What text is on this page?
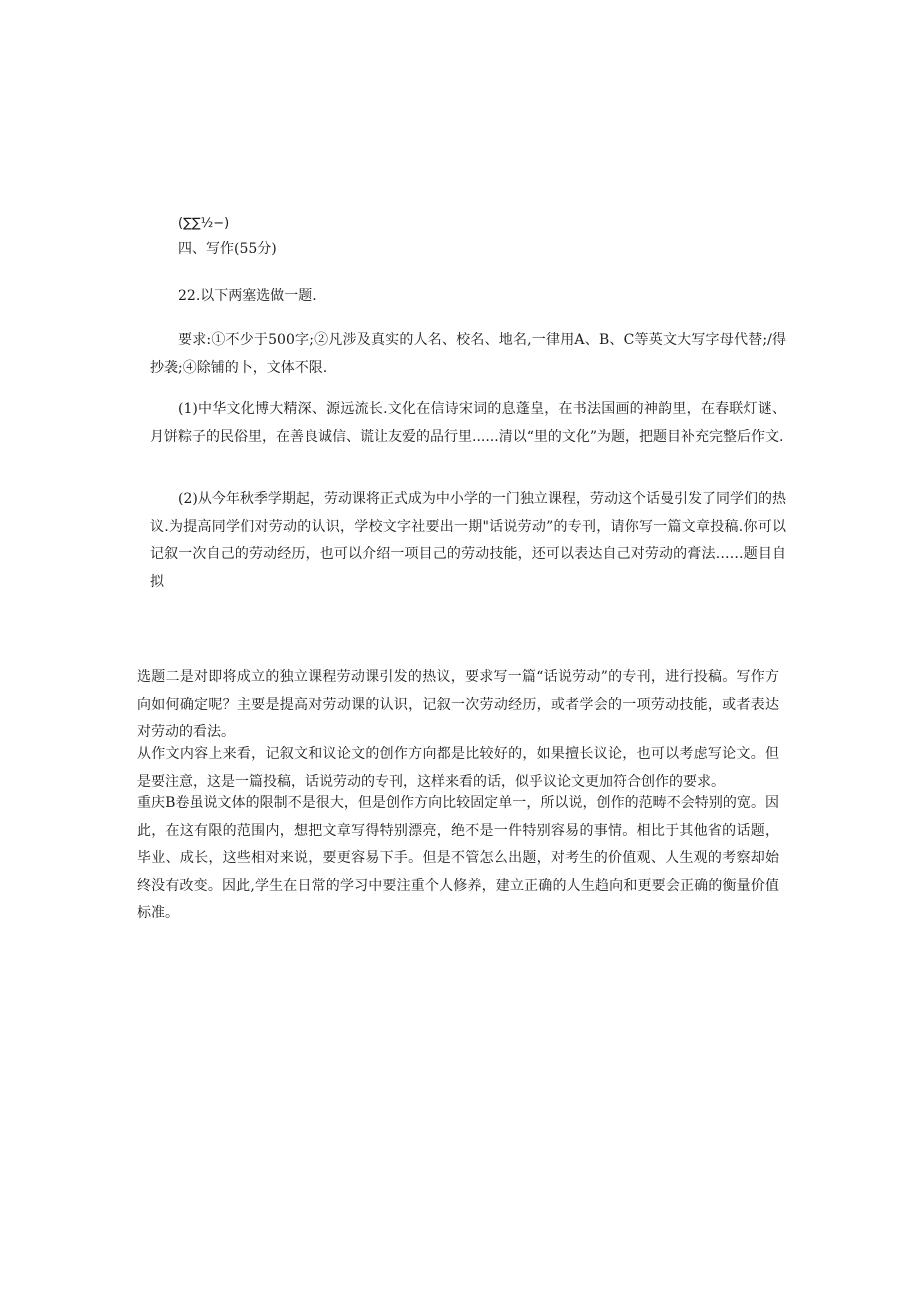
(∑∑½−)

四、写作(55分)

22.以下两塞选做一题.

要求:①不少于500字;②凡涉及真实的人名、校名、地名,一律用A、B、C等英文大写字母代替;/得抄袭;④除铺的卜，文体不限.

(1)中华文化博大精深、源远流长.文化在信诗宋词的息蓬皇，在书法国画的神韵里，在春联灯谜、月饼粽子的民俗里，在善良诚信、谎让友爱的品行里......清以“里的文化”为题，把题目补充完整后作文.

(2)从今年秋季学期起，劳动课将正式成为中小学的一门独立课程，劳动这个话曼引发了同学们的热议.为提高同学们对劳动的认识，学校文字社要出一期"话说劳动”的专刊，请你写一篇文章投稿.你可以记叙一次自己的劳动经历，也可以介绍一项目己的劳动技能，还可以表达自己对劳动的膏法……题目自拟

选题二是对即将成立的独立课程劳动课引发的热议，要求写一篇“话说劳动”的专刊，进行投稿。写作方向如何确定呢？主要是提高对劳动课的认识，记叙一次劳动经历，或者学会的一项劳动技能，或者表达对劳动的看法。

从作文内容上来看，记叙文和议论文的创作方向都是比较好的，如果擅长议论，也可以考虑写论文。但是要注意，这是一篇投稿，话说劳动的专刊，这样来看的话，似乎议论文更加符合创作的要求。

重庆B卷虽说文体的限制不是很大，但是创作方向比较固定单一，所以说，创作的范畴不会特别的宽。因此，在这有限的范围内，想把文章写得特别漂亮，绝不是一件特别容易的事情。相比于其他省的话题，毕业、成长，这些相对来说，要更容易下手。但是不管怎么出题，对考生的价值观、人生观的考察却始终没有改变。因此,学生在日常的学习中要注重个人修养，建立正确的人生趋向和更要会正确的衡量价值标准。
